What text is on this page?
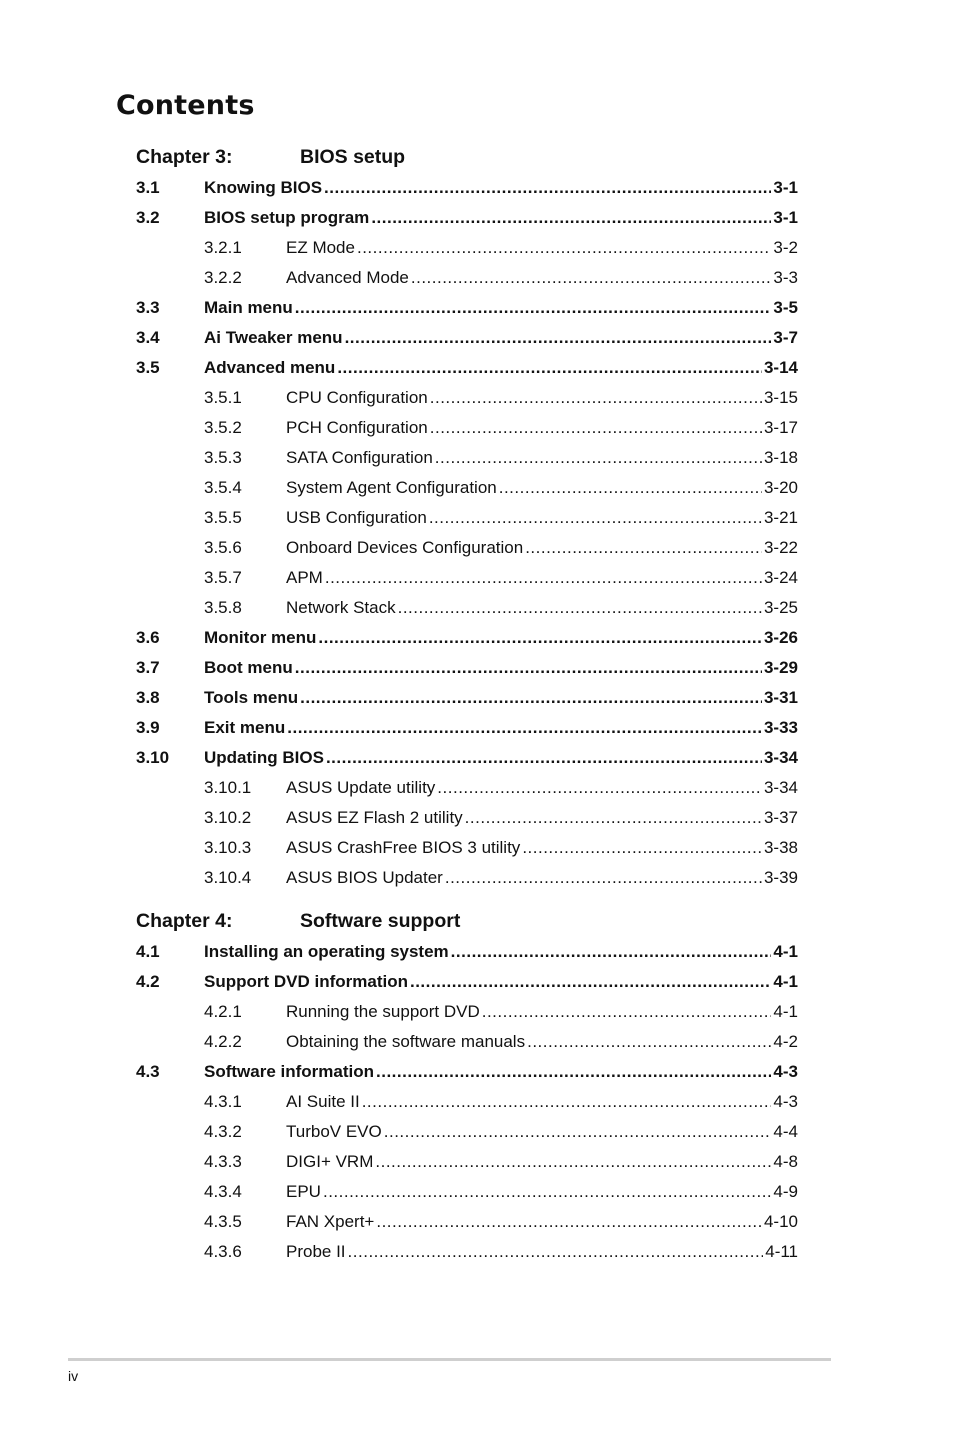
Contents
Chapter 3:	BIOS setup
3.1	Knowing BIOS .....	3-1
3.2	BIOS setup program .....	3-1
3.2.1	EZ Mode .....	3-2
3.2.2	Advanced Mode .....	3-3
3.3	Main menu .....	3-5
3.4	Ai Tweaker menu .....	3-7
3.5	Advanced menu .....	3-14
3.5.1	CPU Configuration .....	3-15
3.5.2	PCH Configuration .....	3-17
3.5.3	SATA Configuration .....	3-18
3.5.4	System Agent Configuration .....	3-20
3.5.5	USB Configuration .....	3-21
3.5.6	Onboard Devices Configuration .....	3-22
3.5.7	APM .....	3-24
3.5.8	Network Stack .....	3-25
3.6	Monitor menu .....	3-26
3.7	Boot menu .....	3-29
3.8	Tools menu .....	3-31
3.9	Exit menu .....	3-33
3.10 Updating BIOS .....	3-34
3.10.1 ASUS Update utility .....	3-34
3.10.2 ASUS EZ Flash 2 utility .....	3-37
3.10.3 ASUS CrashFree BIOS 3 utility .....	3-38
3.10.4 ASUS BIOS Updater .....	3-39
Chapter 4:	Software support
4.1	Installing an operating system .....	4-1
4.2	Support DVD information .....	4-1
4.2.1	Running the support DVD .....	4-1
4.2.2	Obtaining the software manuals .....	4-2
4.3	Software information .....	4-3
4.3.1	AI Suite II .....	4-3
4.3.2	TurboV EVO .....	4-4
4.3.3	DIGI+ VRM .....	4-8
4.3.4	EPU .....	4-9
4.3.5	FAN Xpert+ .....	4-10
4.3.6	Probe II .....	4-11
iv
